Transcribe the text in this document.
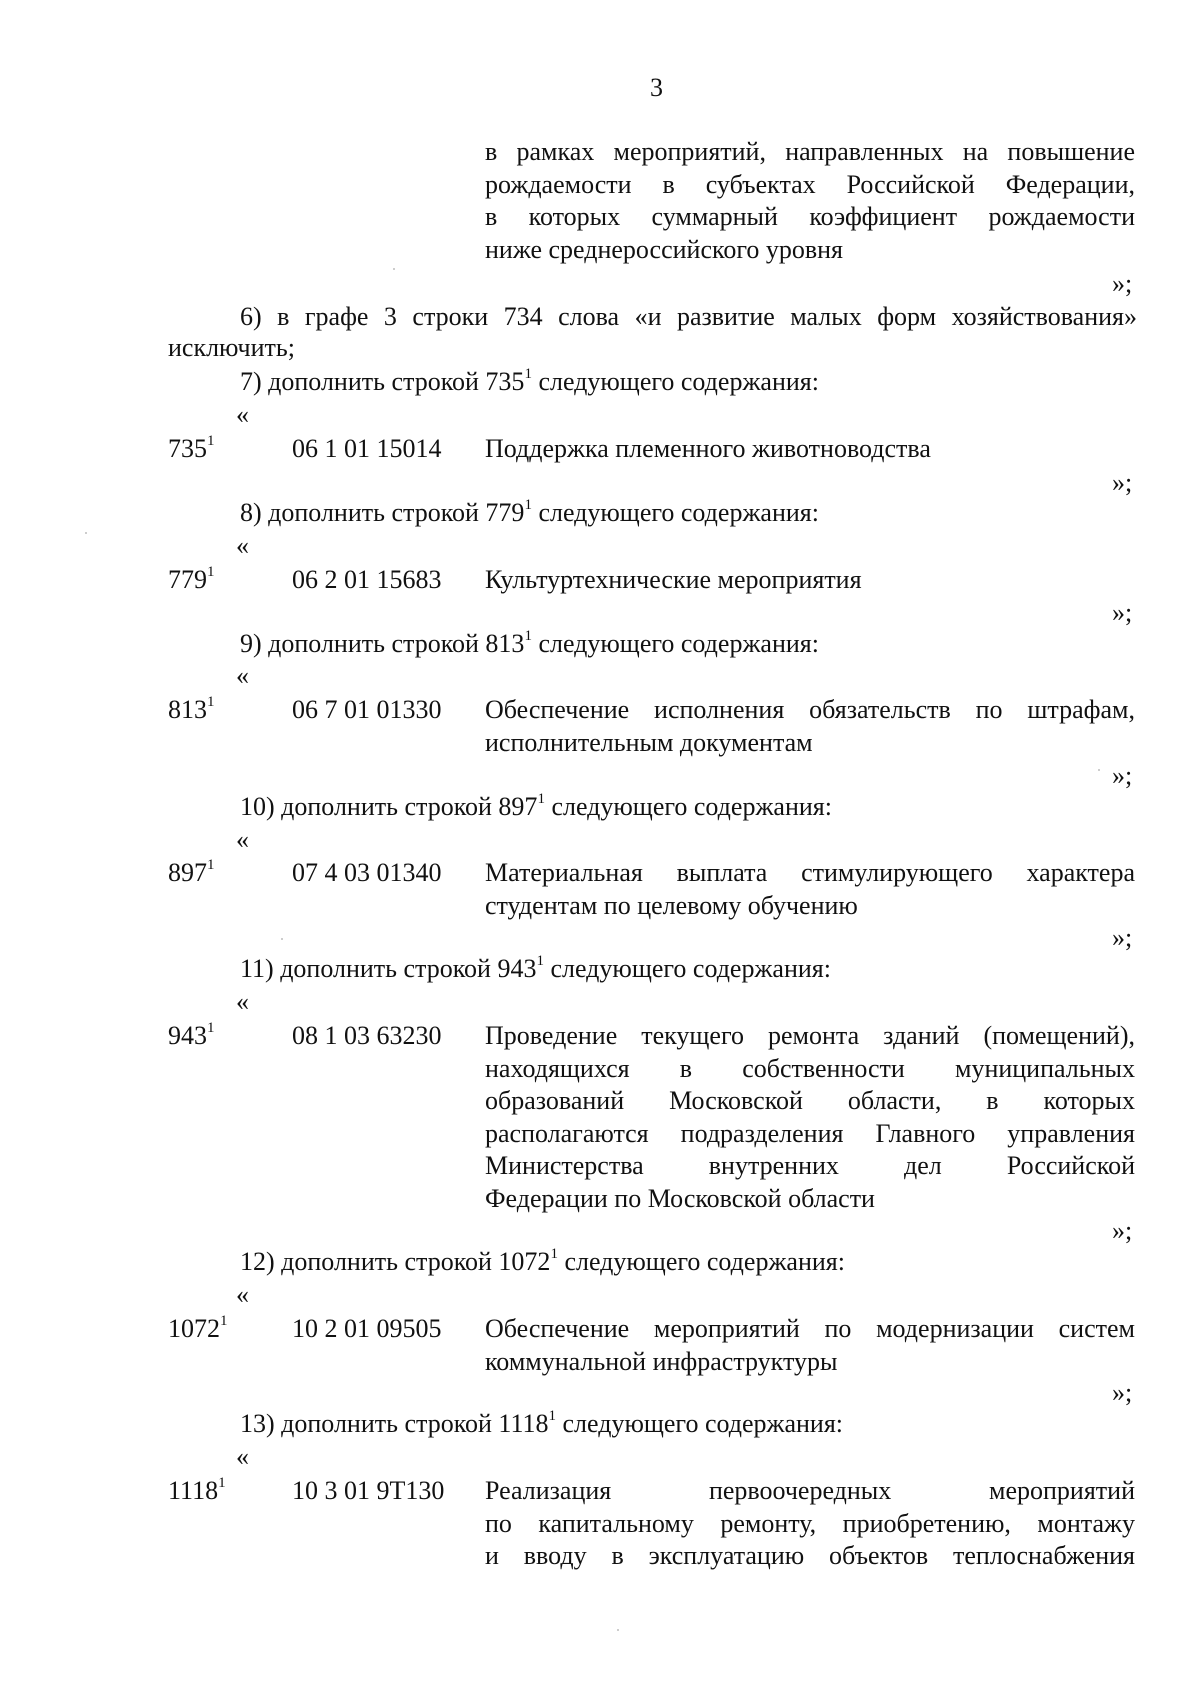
3
в рамках мероприятий, направленных на повышение
рождаемости в субъектах Российской Федерации,
в которых суммарный коэффициент рождаемости
ниже среднероссийского уровня
»;
6) в графе 3 строки 734 слова «и развитие малых форм хозяйствования»
исключить;
7) дополнить строкой $735^1$ следующего содержания:
«
$735^1$	06 1 01 15014 Поддержка племенного животноводства
»;
8) дополнить строкой $779^1$ следующего содержания:
«
$779^1$	06 2 01 15683 Культуртехнические мероприятия
»;
9) дополнить строкой $813^1$ следующего содержания:
«
$813^1$	06 7 01 01330 Обеспечение исполнения обязательств по штрафам,
исполнительным документам
»;
10) дополнить строкой $897^1$ следующего содержания:
«
$897^1$	07 4 03 01340 Материальная выплата стимулирующего характера
студентам по целевому обучению
»;
11) дополнить строкой $943^1$ следующего содержания:
«
$943^1$	08 1 03 63230 Проведение текущего ремонта зданий (помещений),
находящихся в собственности муниципальных
образований Московской области, в которых
располагаются подразделения Главного управления
Министерства внутренних дел Российской
Федерации по Московской области
»;
12) дополнить строкой 1072$^1$ следующего содержания:
«
1072$^1$ 10 2 01 09505 Обеспечение мероприятий по модернизации систем
коммунальной инфраструктуры
»;
13) дополнить строкой 1118$^1$ следующего содержания:
«
1118$^1$	10 3 01 9Т130 Реализация первоочередных мероприятий
по капитальному ремонту, приобретению, монтажу
и вводу в эксплуатацию объектов теплоснабжения
